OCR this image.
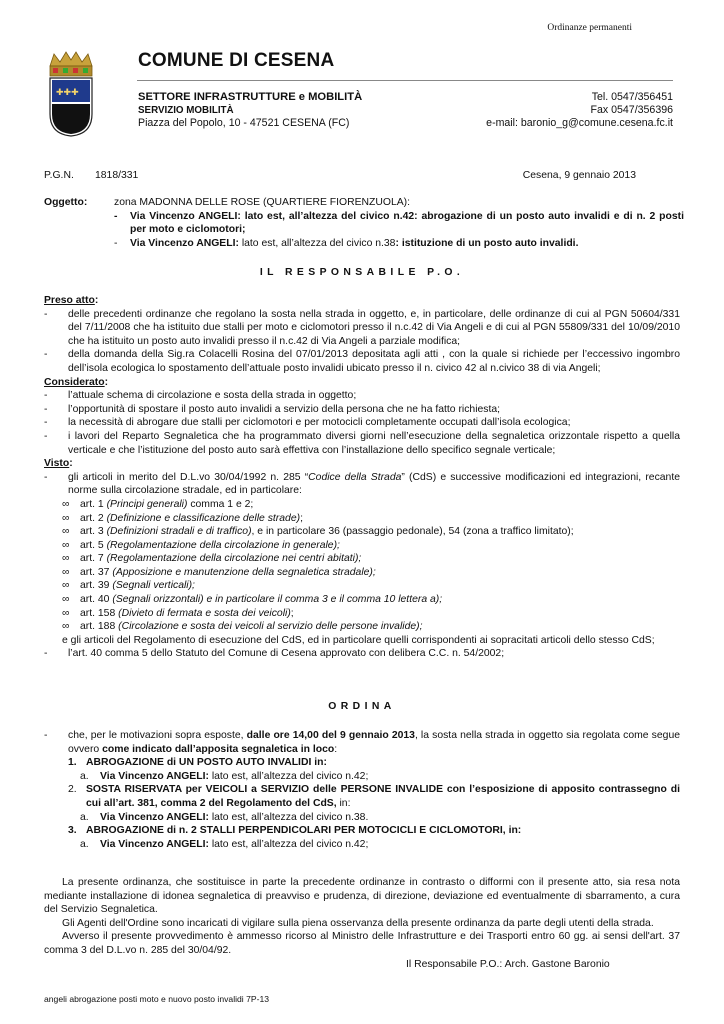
Ordinanze permanenti
✚✚✚
COMUNE DI CESENA
SETTORE INFRASTRUTTURE e MOBILITÀ
SERVIZIO MOBILITÀ
Piazza del Popolo, 10 - 47521 CESENA (FC)
Tel. 0547/356451
Fax 0547/356396
e-mail: baronio_g@comune.cesena.fc.it
P.G.N. 1818/331	Cesena, 9 gennaio 2013
Oggetto:	zona MADONNA DELLE ROSE (QUARTIERE FIORENZUOLA):
-	Via Vincenzo ANGELI: lato est, all’altezza del civico n.42: abrogazione di un posto auto invalidi e di n. 2 posti per moto e ciclomotori;
-	Via Vincenzo ANGELI: lato est, all’altezza del civico n.38: istituzione di un posto auto invalidi.
IL RESPONSABILE P.O.
Preso atto:
-	delle precedenti ordinanze che regolano la sosta nella strada in oggetto, e, in particolare, delle ordinanze di cui al PGN 50604/331 del 7/11/2008 che ha istituito due stalli per moto e ciclomotori presso il n.c.42 di Via Angeli e di cui al PGN 55809/331 del 10/09/2010 che ha istituito un posto auto invalidi presso il n.c.42 di Via Angeli a parziale modifica;
-	della domanda della Sig.ra Colacelli Rosina del 07/01/2013 depositata agli atti , con la quale si richiede per l’eccessivo ingombro dell’isola ecologica lo spostamento dell’attuale posto invalidi ubicato presso il n. civico 42 al n.civico 38 di via Angeli;
Considerato:
-	l’attuale schema di circolazione e sosta della strada in oggetto;
-	l’opportunità di spostare il posto auto invalidi a servizio della persona che ne ha fatto richiesta;
-	la necessità di abrogare due stalli per ciclomotori e per motocicli completamente occupati dall’isola ecologica;
-	i lavori del Reparto Segnaletica che ha programmato diversi giorni nell’esecuzione della segnaletica orizzontale rispetto a quella verticale e che l’istituzione del posto auto sarà effettiva con l’installazione dello specifico segnale verticale;
Visto:
-	gli articoli in merito del D.L.vo 30/04/1992 n. 285 “Codice della Strada” (CdS) e successive modificazioni ed integrazioni, recante norme sulla circolazione stradale, ed in particolare:
∞	art. 1 (Principi generali) comma 1 e 2;
∞	art. 2 (Definizione e classificazione delle strade);
∞	art. 3 (Definizioni stradali e di traffico), e in particolare 36 (passaggio pedonale), 54 (zona a traffico limitato);
∞	art. 5 (Regolamentazione della circolazione in generale);
∞	art. 7 (Regolamentazione della circolazione nei centri abitati);
∞	art. 37 (Apposizione e manutenzione della segnaletica stradale);
∞	art. 39 (Segnali verticali);
∞	art. 40 (Segnali orizzontali) e in particolare il comma 3 e il comma 10 lettera a);
∞	art. 158 (Divieto di fermata e sosta dei veicoli);
∞	art. 188 (Circolazione e sosta dei veicoli al servizio delle persone invalide);
e gli articoli del Regolamento di esecuzione del CdS, ed in particolare quelli corrispondenti ai sopracitati articoli dello stesso CdS;
-	l’art. 40 comma 5 dello Statuto del Comune di Cesena approvato con delibera C.C. n. 54/2002;
ORDINA
-	che, per le motivazioni sopra esposte, dalle ore 14,00 del 9 gennaio 2013, la sosta nella strada in oggetto sia regolata come segue ovvero come indicato dall’apposita segnaletica in loco:
1. ABROGAZIONE di UN POSTO AUTO INVALIDI in:
a.	Via Vincenzo ANGELI: lato est, all’altezza del civico n.42;
2. SOSTA RISERVATA per VEICOLI a SERVIZIO delle PERSONE INVALIDE con l’esposizione di apposito contrassegno di cui all’art. 381, comma 2 del Regolamento del CdS, in:
a.	Via Vincenzo ANGELI: lato est, all’altezza del civico n.38.
3. ABROGAZIONE di n. 2 STALLI PERPENDICOLARI PER MOTOCICLI E CICLOMOTORI, in:
a.	Via Vincenzo ANGELI: lato est, all’altezza del civico n.42;
La presente ordinanza, che sostituisce in parte la precedente ordinanze in contrasto o difformi con il presente atto, sia resa nota mediante installazione di idonea segnaletica di preavviso e prudenza, di direzione, deviazione ed eventualmente di sbarramento, a cura del Servizio Segnaletica.
Gli Agenti dell'Ordine sono incaricati di vigilare sulla piena osservanza della presente ordinanza da parte degli utenti della strada.
Avverso il presente provvedimento è ammesso ricorso al Ministro delle Infrastrutture e dei Trasporti entro 60 gg. ai sensi dell'art. 37 comma 3 del D.L.vo n. 285 del 30/04/92.
Il Responsabile P.O.: Arch. Gastone Baronio
angeli abrogazione posti moto e nuovo posto invalidi 7P-13
